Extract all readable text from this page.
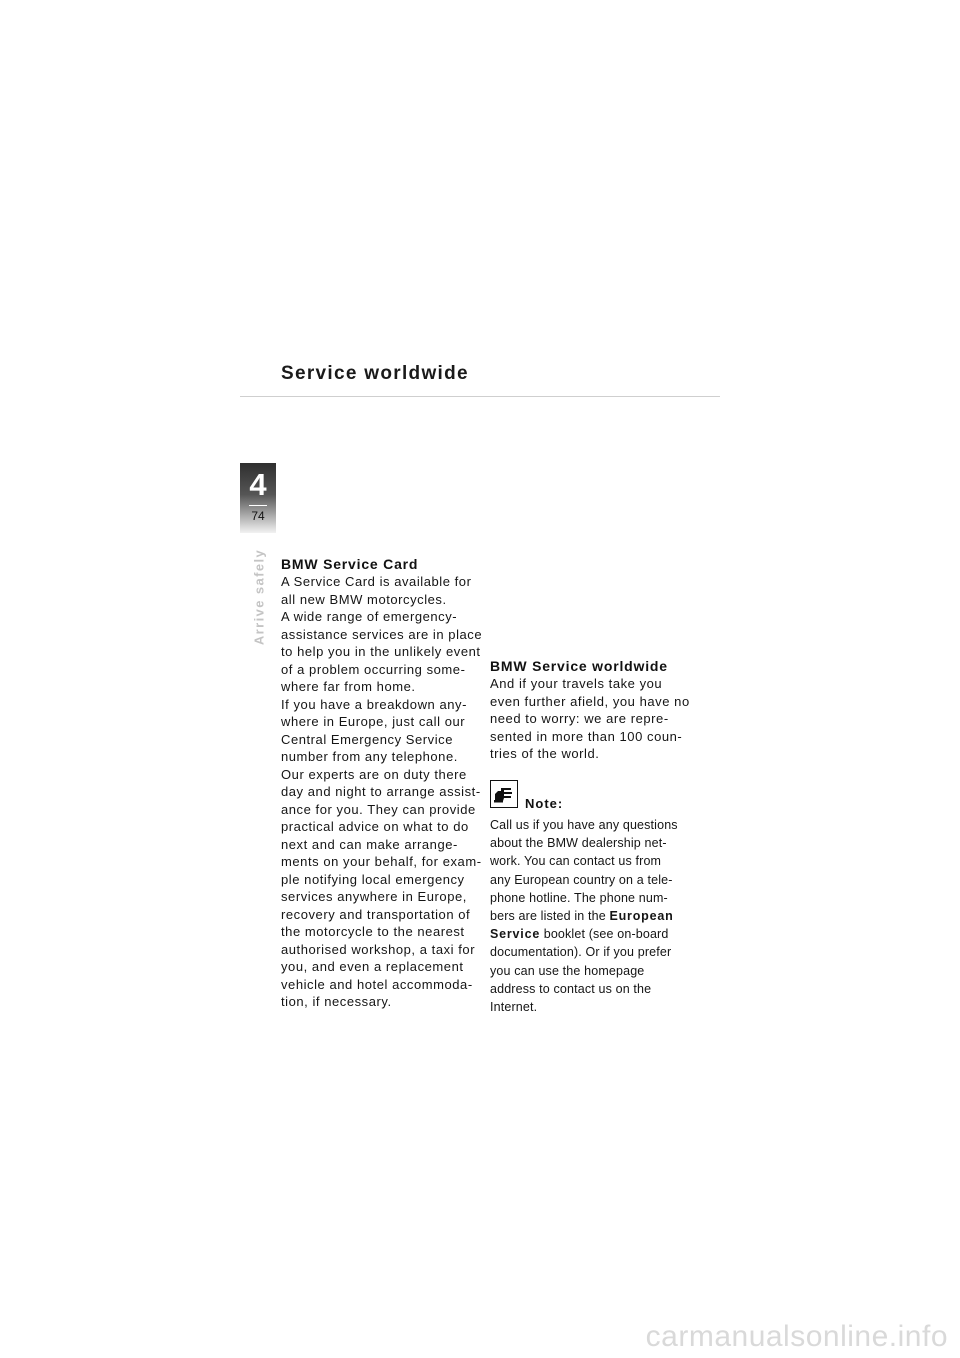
Service worldwide
4
74
Arrive safely BMW Service Card

A Service Card is available for
all new BMW motorcycles.
A wide range of emergency-
assistance services are in place
to help you in the unlikely event
of a problem occurring some-
where far from home.
If you have a breakdown any-
where in Europe, just call our
Central Emergency Service
number from any telephone.
Our experts are on duty there
day and night to arrange assist-
ance for you. They can provide
practical advice on what to do
next and can make arrange-
ments on your behalf, for exam-
ple notifying local emergency
services anywhere in Europe,
recovery and transportation of
the motorcycle to the nearest
authorised workshop, a taxi for
you, and even a replacement
vehicle and hotel accommoda-
tion, if necessary.

BMW Service worldwide

And if your travels take you
even further afield, you have no
need to worry: we are repre-
sented in more than 100 coun-
tries of the world.

Note:

Call us if you have any questions
about the BMW dealership net-
work. You can contact us from
any European country on a tele-
phone hotline. The phone num-
bers are listed in the European
Service booklet (see on-board
documentation). Or if you prefer
you can use the homepage
address to contact us on the
Internet.

carmanualsonline.info
